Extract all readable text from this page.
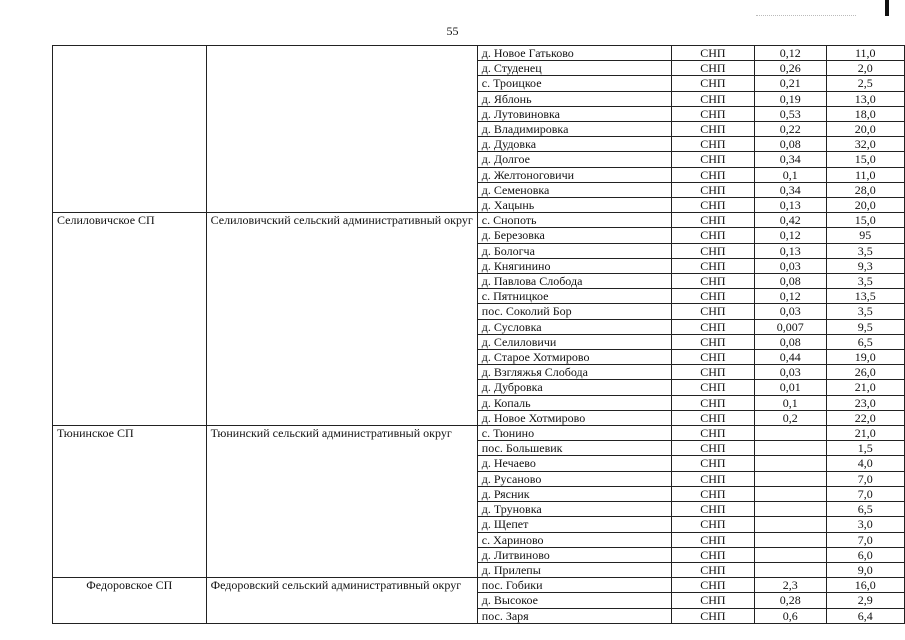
55
		д. Новое Гатьково	СНП	0,12	11,0
		д. Студенец	СНП	0,26	2,0
		с. Троицкое	СНП	0,21	2,5
		д. Яблонь	СНП	0,19	13,0
		д. Лутовиновка	СНП	0,53	18,0
		д. Владимировка	СНП	0,22	20,0
		д. Дудовка	СНП	0,08	32,0
		д. Долгое	СНП	0,34	15,0
		д. Желтоноговичи	СНП	0,1	11,0
		д. Семеновка	СНП	0,34	28,0
		д. Хацынь	СНП	0,13	20,0
Селиловичское СП	Селиловичский сельский административный округ	с. Снопоть	СНП	0,42	15,0
		д. Березовка	СНП	0,12	95
		д. Бологча	СНП	0,13	3,5
		д. Княгинино	СНП	0,03	9,3
		д. Павлова Слобода	СНП	0,08	3,5
		с. Пятницкое	СНП	0,12	13,5
		пос. Соколий Бор	СНП	0,03	3,5
		д. Сусловка	СНП	0,007	9,5
		д. Селиловичи	СНП	0,08	6,5
		д. Старое Хотмирово	СНП	0,44	19,0
		д. Взгляжья Слобода	СНП	0,03	26,0
		д. Дубровка	СНП	0,01	21,0
		д. Копаль	СНП	0,1	23,0
		д. Новое Хотмирово	СНП	0,2	22,0
Тюнинское СП	Тюнинский сельский административный округ	с. Тюнино	СНП		21,0
		пос. Большевик	СНП		1,5
		д. Нечаево	СНП		4,0
		д. Русаново	СНП		7,0
		д. Рясник	СНП		7,0
		д. Труновка	СНП		6,5
		д. Щепет	СНП		3,0
		с. Хариново	СНП		7,0
		д. Литвиново	СНП		6,0
		д. Прилепы	СНП		9,0
Федоровское СП	Федоровский сельский административный округ	пос. Гобики	СНП	2,3	16,0
		д. Высокое	СНП	0,28	2,9
		пос. Заря	СНП	0,6	6,4
